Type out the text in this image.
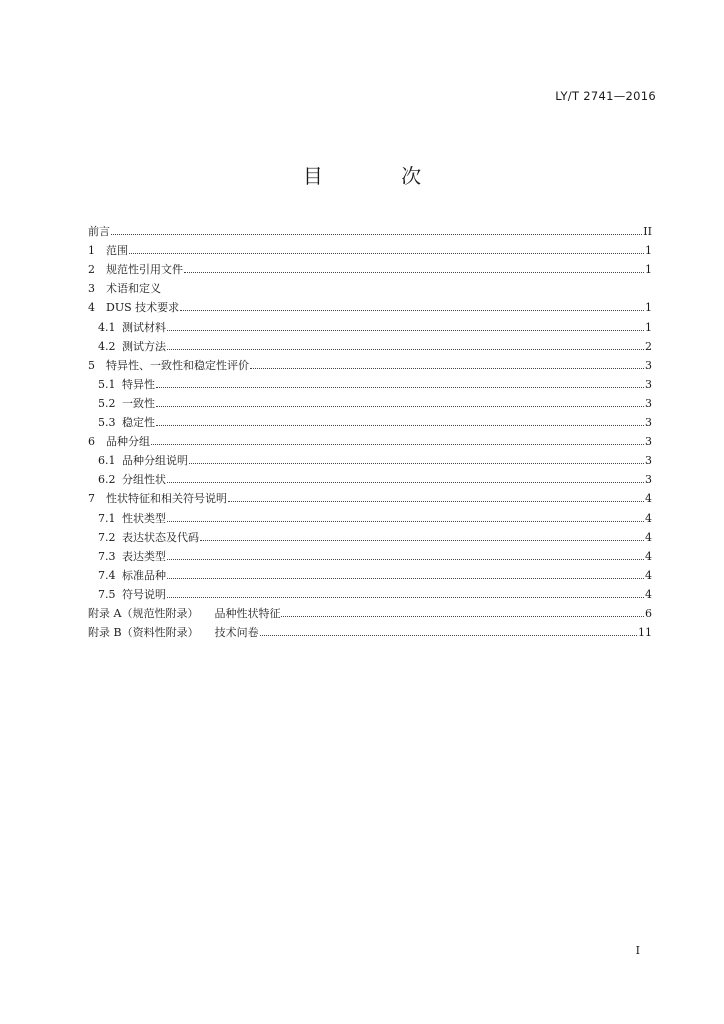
LY/T 2741—2016
目 次
前言	II
1	范围	1
2	规范性引用文件	1
3	术语和定义
4	DUS 技术要求	1
4.1 测试材料	1
4.2 测试方法	2
5	特异性、一致性和稳定性评价	3
5.1 特异性	3
5.2 一致性	3
5.3 稳定性	3
6	品种分组	3
6.1 品种分组说明	3
6.2 分组性状	3
7	性状特征和相关符号说明	4
7.1 性状类型	4
7.2 表达状态及代码	4
7.3 表达类型	4
7.4 标准品种	4
7.5 符号说明	4
附录 A（规范性附录） 品种性状特征	6
附录 B（资料性附录） 技术问卷	11
I
